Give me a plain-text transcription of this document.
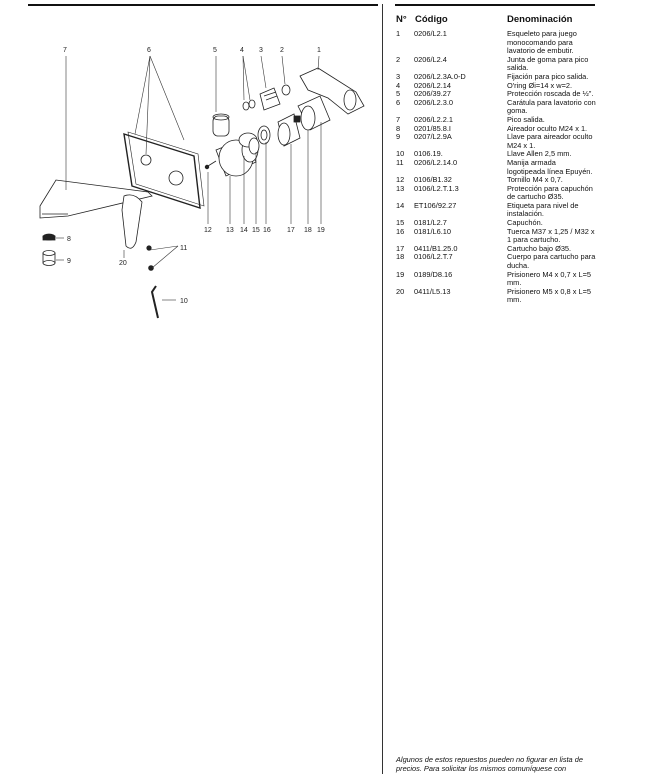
7	6	5	4 3 2	1
12 13 14 15 16 17 18 19
8
9
11
20
10
N° Código	Denominación
1	0206/L2.1	Esqueleto para juego monocomando para lavatorio de embutir.
2	0206/L2.4	Junta de goma para pico salida.
3	0206/L2.3A.0-D	Fijación para pico salida.
4	0206/L2.14	O'ring Øi=14 x w=2.
5	0206/39.27	Protección roscada de ½".
6	0206/L2.3.0	Carátula para lavatorio con goma.
7	0206/L2.2.1	Pico salida.
8	0201/85.8.I	Aireador oculto M24 x 1.
9	0207/L2.9A	Llave para aireador oculto M24 x 1.
10	0106.19.	Llave Allen 2,5 mm.
11	0206/L2.14.0	Manija armada logotipeada línea Epuyén.
12	0106/B1.32	Tornillo M4 x 0,7.
13	0106/L2.T.1.3	Protección para capuchón de cartucho Ø35.
14	ET106/92.27	Etiqueta para nivel de instalación.
15	0181/L2.7	Capuchón.
16	0181/L6.10	Tuerca M37 x 1,25 / M32 x 1 para cartucho.
17	0411/B1.25.0	Cartucho bajo Ø35.
18	0106/L2.T.7	Cuerpo para cartucho para ducha.
19	0189/D8.16	Prisionero M4 x 0,7 x L=5 mm.
20	0411/L5.13	Prisionero M5 x 0,8 x L=5 mm.
Algunos de estos repuestos pueden no figurar en lista de precios. Para solicitar los mismos comuníquese con
